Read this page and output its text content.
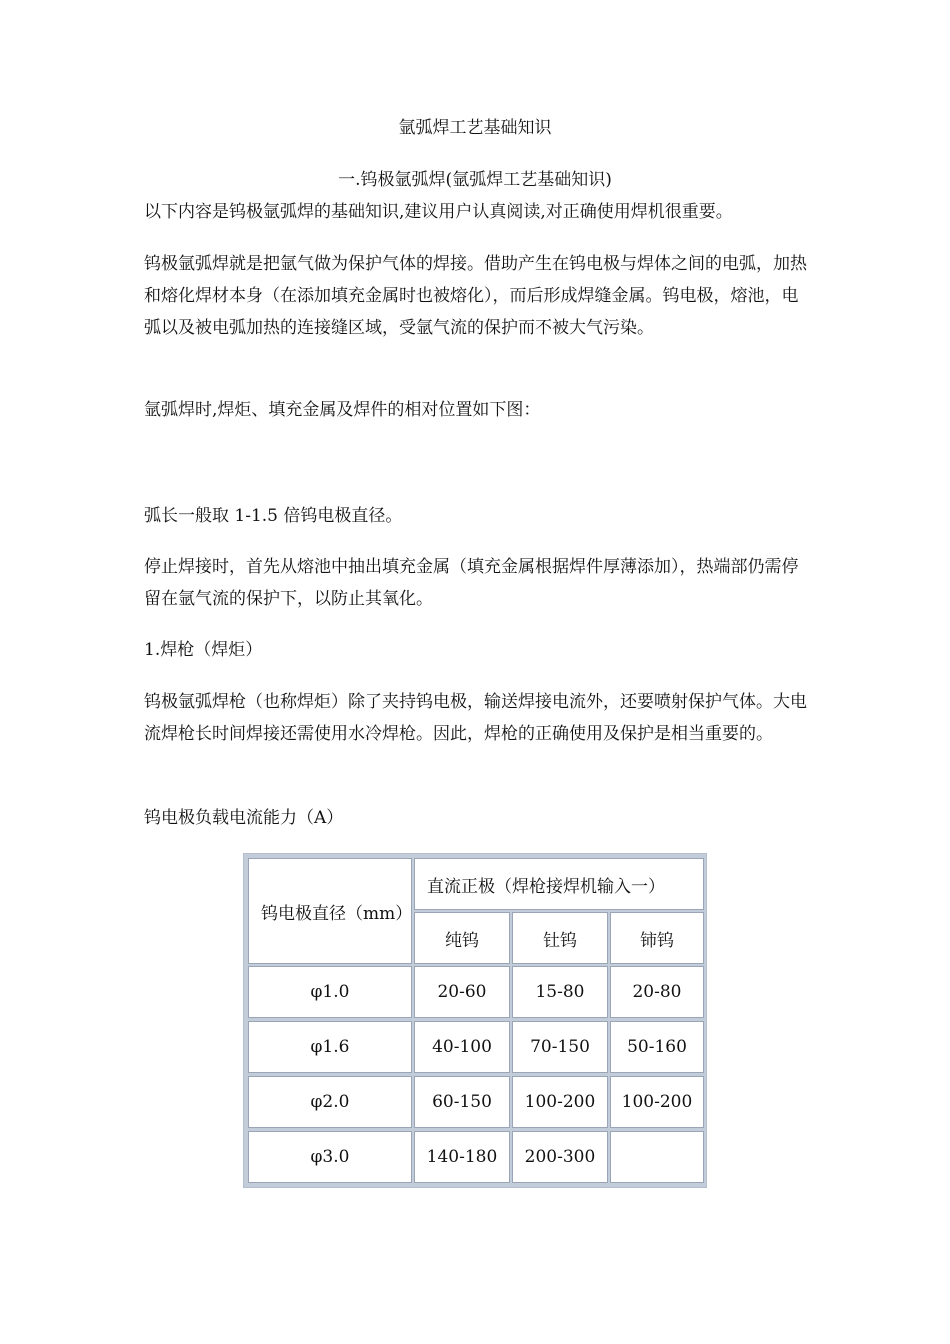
氩弧焊工艺基础知识
一.钨极氩弧焊(氩弧焊工艺基础知识)
以下内容是钨极氩弧焊的基础知识,建议用户认真阅读,对正确使用焊机很重要。

钨极氩弧焊就是把氩气做为保护气体的焊接。借助产生在钨电极与焊体之间的电弧，加热和熔化焊材本身（在添加填充金属时也被熔化），而后形成焊缝金属。钨电极，熔池，电弧以及被电弧加热的连接缝区域，受氩气流的保护而不被大气污染。

氩弧焊时,焊炬、填充金属及焊件的相对位置如下图：
弧长一般取 1-1.5 倍钨电极直径。

停止焊接时，首先从熔池中抽出填充金属（填充金属根据焊件厚薄添加），热端部仍需停留在氩气流的保护下，以防止其氧化。

1.焊枪（焊炬）

钨极氩弧焊枪（也称焊炬）除了夹持钨电极，输送焊接电流外，还要喷射保护气体。大电流焊枪长时间焊接还需使用水冷焊枪。因此，焊枪的正确使用及保护是相当重要的。

钨电极负载电流能力（A）
钨电极直径（mm）
直流正极（焊枪接焊机输入一）
纯钨	钍钨	铈钨
φ1.0	20-60	15-80	20-80
φ1.6	40-100	70-150	50-160
φ2.0	60-150	100-200	100-200
φ3.0	140-180	200-300
